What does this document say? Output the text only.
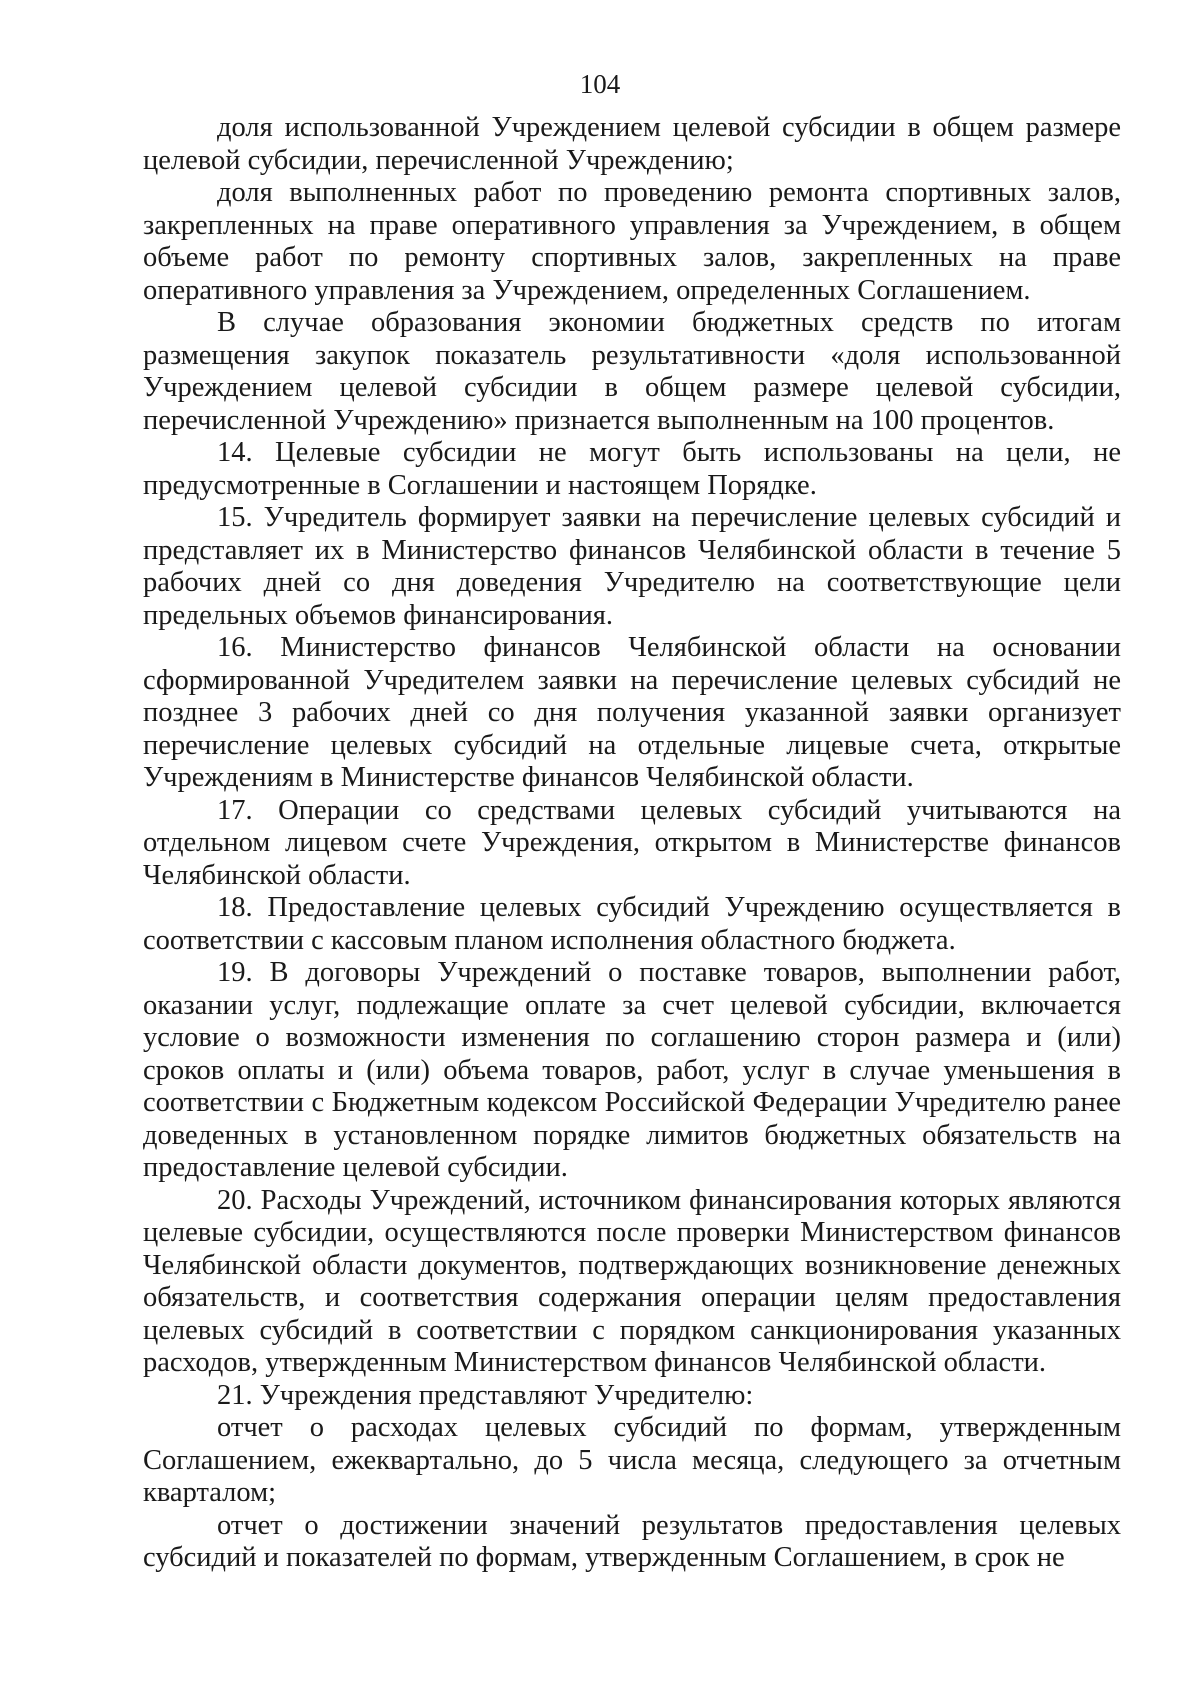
104

доля использованной Учреждением целевой субсидии в общем размере целевой субсидии, перечисленной Учреждению;

доля выполненных работ по проведению ремонта спортивных залов, закрепленных на праве оперативного управления за Учреждением, в общем объеме работ по ремонту спортивных залов, закрепленных на праве оперативного управления за Учреждением, определенных Соглашением.

В случае образования экономии бюджетных средств по итогам размещения закупок показатель результативности «доля использованной Учреждением целевой субсидии в общем размере целевой субсидии, перечисленной Учреждению» признается выполненным на 100 процентов.

14. Целевые субсидии не могут быть использованы на цели, не предусмотренные в Соглашении и настоящем Порядке.

15. Учредитель формирует заявки на перечисление целевых субсидий и представляет их в Министерство финансов Челябинской области в течение 5 рабочих дней со дня доведения Учредителю на соответствующие цели предельных объемов финансирования.

16. Министерство финансов Челябинской области на основании сформированной Учредителем заявки на перечисление целевых субсидий не позднее 3 рабочих дней со дня получения указанной заявки организует перечисление целевых субсидий на отдельные лицевые счета, открытые Учреждениям в Министерстве финансов Челябинской области.

17. Операции со средствами целевых субсидий учитываются на отдельном лицевом счете Учреждения, открытом в Министерстве финансов Челябинской области.

18. Предоставление целевых субсидий Учреждению осуществляется в соответствии с кассовым планом исполнения областного бюджета.

19. В договоры Учреждений о поставке товаров, выполнении работ, оказании услуг, подлежащие оплате за счет целевой субсидии, включается условие о возможности изменения по соглашению сторон размера и (или) сроков оплаты и (или) объема товаров, работ, услуг в случае уменьшения в соответствии с Бюджетным кодексом Российской Федерации Учредителю ранее доведенных в установленном порядке лимитов бюджетных обязательств на предоставление целевой субсидии.

20. Расходы Учреждений, источником финансирования которых являются целевые субсидии, осуществляются после проверки Министерством финансов Челябинской области документов, подтверждающих возникновение денежных обязательств, и соответствия содержания операции целям предоставления целевых субсидий в соответствии с порядком санкционирования указанных расходов, утвержденным Министерством финансов Челябинской области.

21. Учреждения представляют Учредителю:

отчет о расходах целевых субсидий по формам, утвержденным Соглашением, ежеквартально, до 5 числа месяца, следующего за отчетным кварталом;

отчет о достижении значений результатов предоставления целевых субсидий и показателей по формам, утвержденным Соглашением, в срок не
